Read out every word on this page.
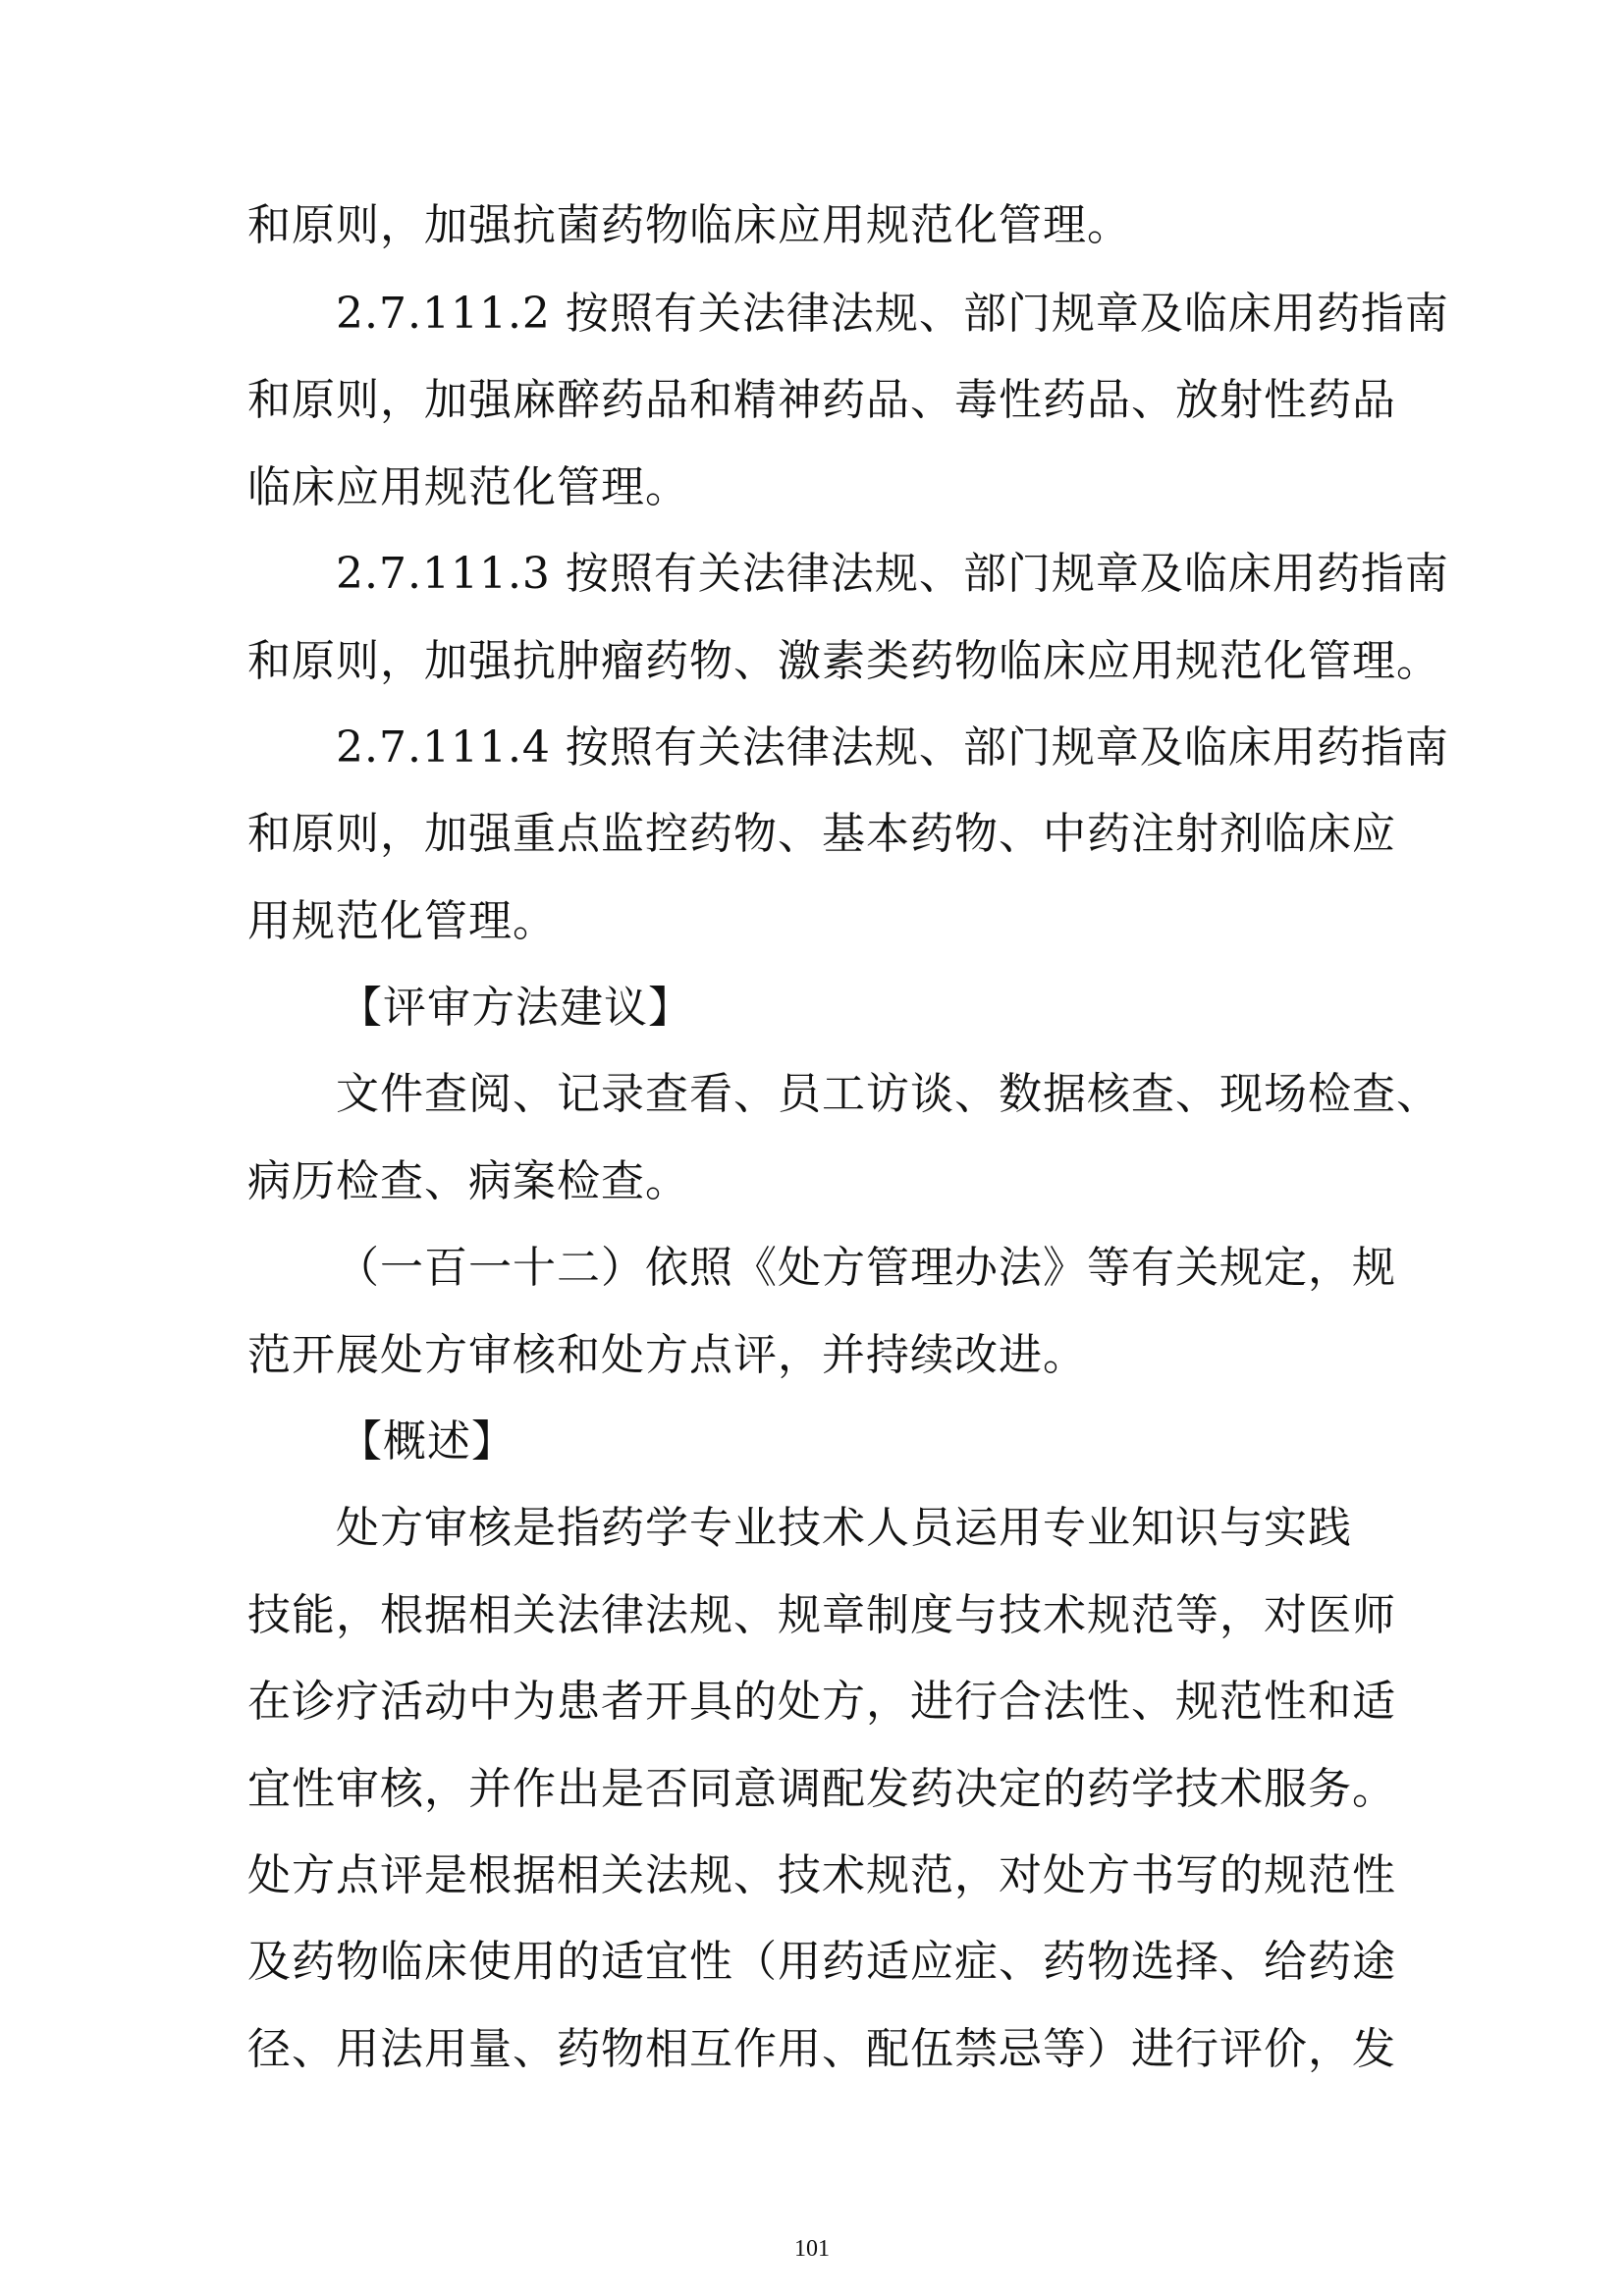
和原则，加强抗菌药物临床应用规范化管理。
2.7.111.2 按照有关法律法规、部门规章及临床用药指南
和原则，加强麻醉药品和精神药品、毒性药品、放射性药品
临床应用规范化管理。
2.7.111.3 按照有关法律法规、部门规章及临床用药指南
和原则，加强抗肿瘤药物、激素类药物临床应用规范化管理。
2.7.111.4 按照有关法律法规、部门规章及临床用药指南
和原则，加强重点监控药物、基本药物、中药注射剂临床应
用规范化管理。
【评审方法建议】
文件查阅、记录查看、员工访谈、数据核查、现场检查、
病历检查、病案检查。
（一百一十二）依照《处方管理办法》等有关规定，规
范开展处方审核和处方点评，并持续改进。
【概述】
处方审核是指药学专业技术人员运用专业知识与实践
技能，根据相关法律法规、规章制度与技术规范等，对医师
在诊疗活动中为患者开具的处方，进行合法性、规范性和适
宜性审核，并作出是否同意调配发药决定的药学技术服务。
处方点评是根据相关法规、技术规范，对处方书写的规范性
及药物临床使用的适宜性（用药适应症、药物选择、给药途
径、用法用量、药物相互作用、配伍禁忌等）进行评价，发
101
